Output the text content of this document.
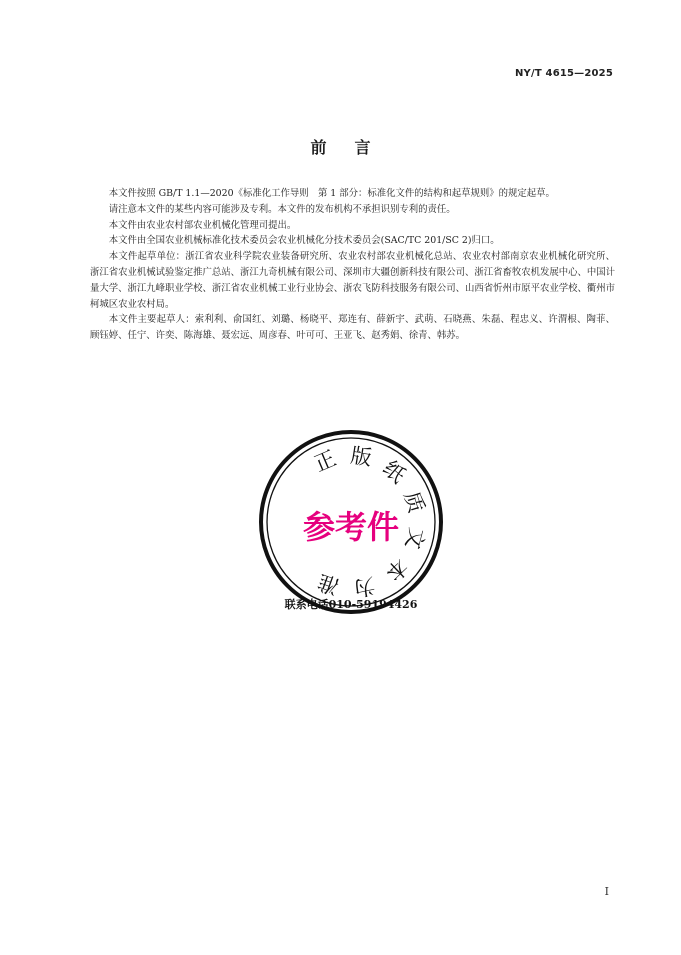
NY/T 4615—2025
前言

本文件按照 GB/T 1.1—2020《标准化工作导则　第 1 部分：标准化文件的结构和起草规则》的规定起草。

请注意本文件的某些内容可能涉及专利。本文件的发布机构不承担识别专利的责任。

本文件由农业农村部农业机械化管理司提出。

本文件由全国农业机械标准化技术委员会农业机械化分技术委员会(SAC/TC 201/SC 2)归口。

本文件起草单位：浙江省农业科学院农业装备研究所、农业农村部农业机械化总站、农业农村部南京农业机械化研究所、浙江省农业机械试验鉴定推广总站、浙江九奇机械有限公司、深圳市大疆创新科技有限公司、浙江省畜牧农机发展中心、中国计量大学、浙江九峰职业学校、浙江省农业机械工业行业协会、浙农飞防科技服务有限公司、山西省忻州市原平农业学校、衢州市柯城区农业农村局。

本文件主要起草人：索利利、俞国红、刘璐、杨晓平、郑连有、薛新宇、武萌、石晓燕、朱磊、程忠义、许渭根、陶菲、顾钰婷、任宁、许奕、陈海雄、聂宏远、周彦春、叶可可、王亚飞、赵秀娟、徐青、韩苏。

正 版 纸
质
文
本
为
准
参考件
联系电话010-59194426
I
